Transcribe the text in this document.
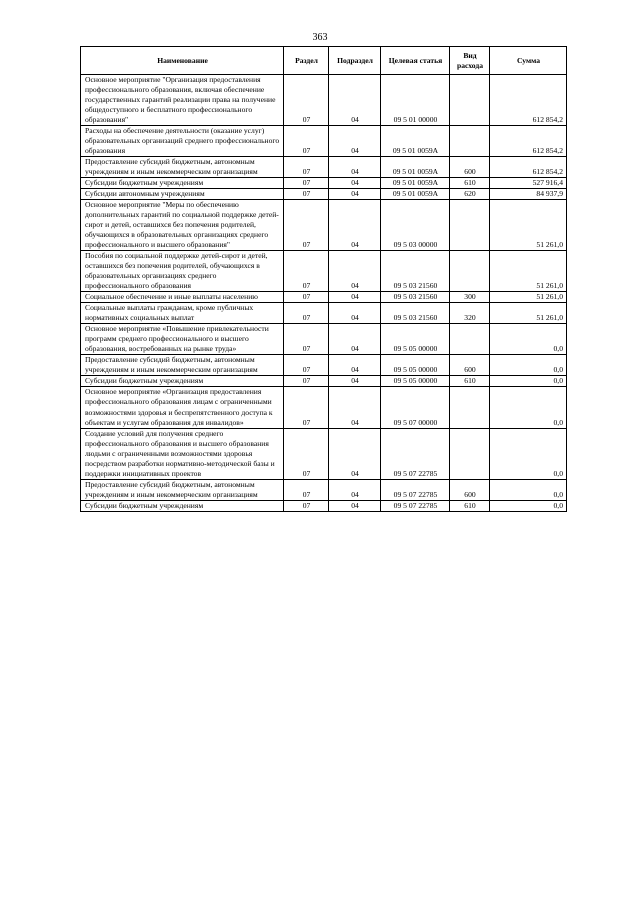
363
Наименование	Раздел	Подраздел	Целевая статья	Вид расхода	Сумма
Основное мероприятие "Организация предоставления профессионального образования, включая обеспечение государственных гарантий реализации права на получение общедоступного и бесплатного профессионального образования"	07	04	09 5 01 00000		612 854,2
Расходы на обеспечение деятельности (оказание услуг) образовательных организаций среднего профессионального образования	07	04	09 5 01 0059А		612 854,2
Предоставление субсидий бюджетным, автономным учреждениям и иным некоммерческим организациям	07	04	09 5 01 0059А	600	612 854,2
Субсидии бюджетным учреждениям	07	04	09 5 01 0059А	610	527 916,4
Субсидии автономным учреждениям	07	04	09 5 01 0059А	620	84 937,9
Основное мероприятие "Меры по обеспечению дополнительных гарантий по социальной поддержке детей-сирот и детей, оставшихся без попечения родителей, обучающихся в образовательных организациях среднего профессионального и высшего образования"	07	04	09 5 03 00000		51 261,0
Пособия по социальной поддержке детей-сирот и детей, оставшихся без попечения родителей, обучающихся в образовательных организациях среднего профессионального образования	07	04	09 5 03 21560		51 261,0
Социальное обеспечение и иные выплаты населению	07	04	09 5 03 21560	300	51 261,0
Социальные выплаты гражданам, кроме публичных нормативных социальных выплат	07	04	09 5 03 21560	320	51 261,0
Основное мероприятие «Повышение привлекательности программ среднего профессионального и высшего образования, востребованных на рынке труда»	07	04	09 5 05 00000		0,0
Предоставление субсидий бюджетным, автономным учреждениям и иным некоммерческим организациям	07	04	09 5 05 00000	600	0,0
Субсидии бюджетным учреждениям	07	04	09 5 05 00000	610	0,0
Основное мероприятие «Организация предоставления профессионального образования лицам с ограниченными возможностями здоровья и беспрепятственного доступа к объектам и услугам образования для инвалидов»	07	04	09 5 07 00000		0,0
Создание условий для получения среднего профессионального образования и высшего образования людьми с ограниченными возможностями здоровья посредством разработки нормативно-методической базы и поддержки инициативных проектов	07	04	09 5 07 22785		0,0
Предоставление субсидий бюджетным, автономным учреждениям и иным некоммерческим организациям	07	04	09 5 07 22785	600	0,0
Субсидии бюджетным учреждениям	07	04	09 5 07 22785	610	0,0
